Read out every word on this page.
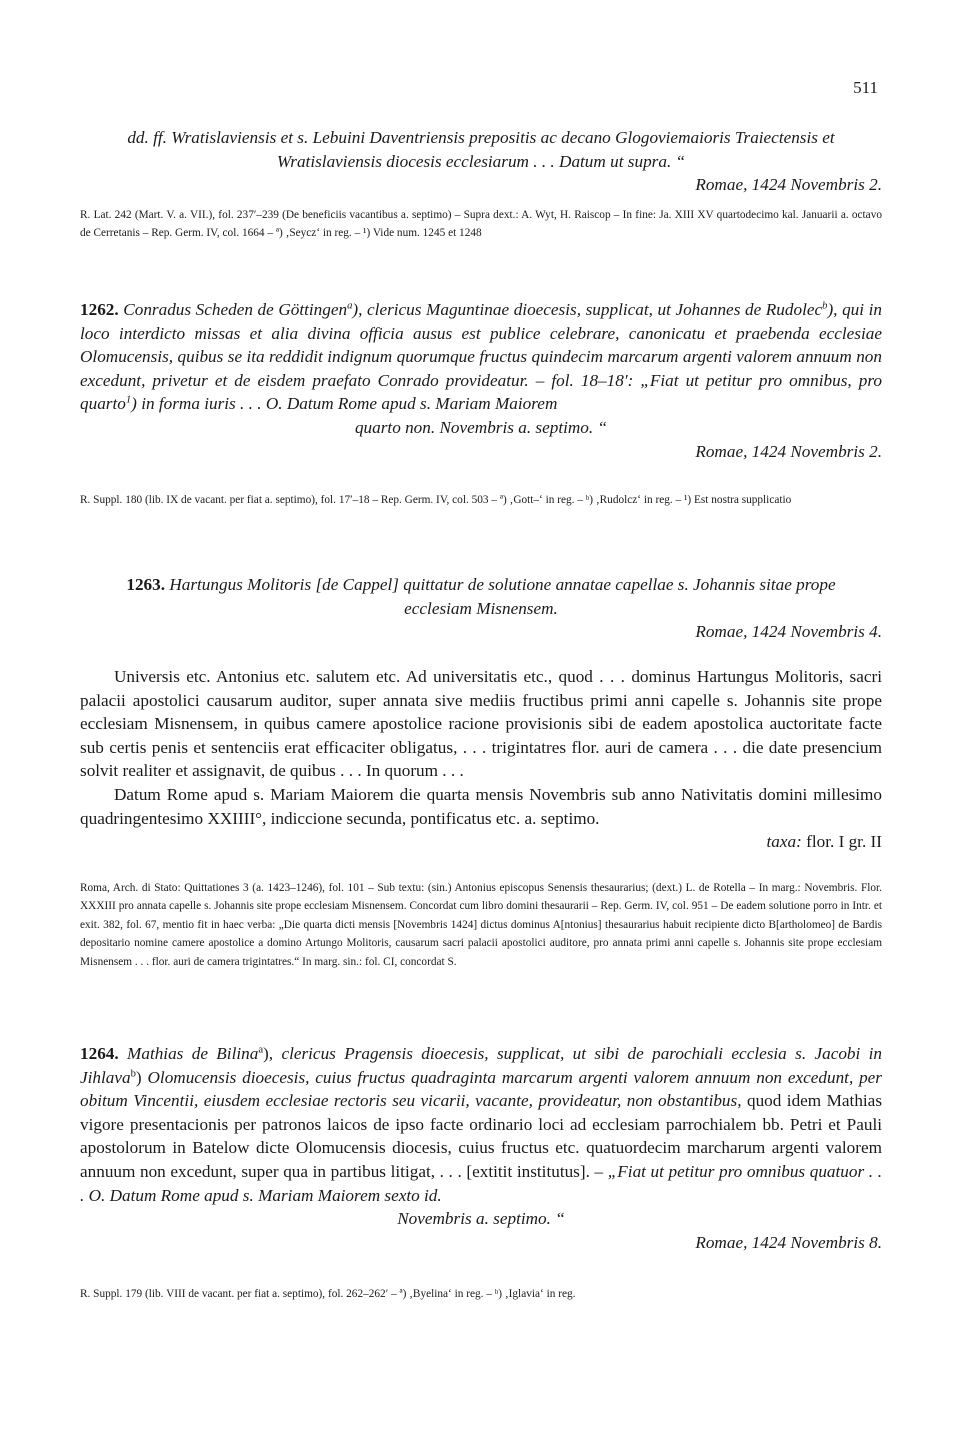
511
dd. ff. Wratislaviensis et s. Lebuini Daventriensis prepositis ac decano Glogoviemaioris Traiectensis et
Wratislaviensis diocesis ecclesiarum . . . Datum ut supra. “
Romae, 1424 Novembris 2.
R. Lat. 242 (Mart. V. a. VII.), fol. 237′–239 (De beneficiis vacantibus a. septimo) – Supra dext.: A. Wyt, H. Raiscop – In fine: Ja. XIII XV quartodecimo kal. Januarii a. octavo de Cerretanis – Rep. Germ. IV, col. 1664 – ª) ‚Seycz‘ in reg. – ¹) Vide num. 1245 et 1248
1262. Conradus Scheden de Göttingen$^a$), clericus Maguntinae dioecesis, supplicat, ut Johannes de Rudolec$^b$), qui in loco interdicto missas et alia divina officia ausus est publice celebrare, canonicatu et praebenda ecclesiae Olomucensis, quibus se ita reddidit indignum quorumque fructus quindecim marcarum argenti valorem annuum non excedunt, privetur et de eisdem praefato Conrado provideatur. – fol. 18–18′: „Fiat ut petitur pro omnibus, pro quarto$^1$) in forma iuris . . . O. Datum Rome apud s. Mariam Maiorem
quarto non. Novembris a. septimo. “
Romae, 1424 Novembris 2.
R. Suppl. 180 (lib. IX de vacant. per fiat a. septimo), fol. 17′–18 – Rep. Germ. IV, col. 503 – ª) ‚Gott–‘ in reg. – ᵇ) ‚Rudolcz‘ in reg. – ¹) Est nostra supplicatio
1263. Hartungus Molitoris [de Cappel] quittatur de solutione annatae capellae s. Johannis sitae prope
ecclesiam Misnensem.
Romae, 1424 Novembris 4.
Universis etc. Antonius etc. salutem etc. Ad universitatis etc., quod . . . dominus Hartungus Molitoris, sacri palacii apostolici causarum auditor, super annata sive mediis fructibus primi anni capelle s. Johannis site prope ecclesiam Misnensem, in quibus camere apostolice racione provisionis sibi de eadem apostolica auctoritate facte sub certis penis et sentenciis erat efficaciter obligatus, . . . trigintatres flor. auri de camera . . . die date presencium solvit realiter et assignavit, de quibus . . . In quorum . . .
Datum Rome apud s. Mariam Maiorem die quarta mensis Novembris sub anno Nativitatis domini millesimo quadringentesimo XXIIII°, indiccione secunda, pontificatus etc. a. septimo.
taxa: flor. I gr. II
Roma, Arch. di Stato: Quittationes 3 (a. 1423–1246), fol. 101 – Sub textu: (sin.) Antonius episcopus Senensis thesaurarius; (dext.) L. de Rotella – In marg.: Novembris. Flor. XXXIII pro annata capelle s. Johannis site prope ecclesiam Misnensem. Concordat cum libro domini thesaurarii – Rep. Germ. IV, col. 951 – De eadem solutione porro in Intr. et exit. 382, fol. 67, mentio fit in haec verba: „Die quarta dicti mensis [Novembris 1424] dictus dominus A[ntonius] thesaurarius habuit recipiente dicto B[artholomeo] de Bardis depositario nomine camere apostolice a domino Artungo Molitoris, causarum sacri palacii apostolici auditore, pro annata primi anni capelle s. Johannis site prope ecclesiam Misnensem . . . flor. auri de camera trigintatres.“ In marg. sin.: fol. CI, concordat S.
1264. Mathias de Bilina$^a$), clericus Pragensis dioecesis, supplicat, ut sibi de parochiali ecclesia s. Jacobi in Jihlava$^b$) Olomucensis dioecesis, cuius fructus quadraginta marcarum argenti valorem annuum non excedunt, per obitum Vincentii, eiusdem ecclesiae rectoris seu vicarii, vacante, provideatur, non obstantibus, quod idem Mathias vigore presentacionis per patronos laicos de ipso facte ordinario loci ad ecclesiam parrochialem bb. Petri et Pauli apostolorum in Batelow dicte Olomucensis diocesis, cuius fructus etc. quatuordecim marcharum argenti valorem annuum non excedunt, super qua in partibus litigat, . . . [extitit institutus]. – „Fiat ut petitur pro omnibus quatuor . . . O. Datum Rome apud s. Mariam Maiorem sexto id.
Novembris a. septimo. “
Romae, 1424 Novembris 8.
R. Suppl. 179 (lib. VIII de vacant. per fiat a. septimo), fol. 262–262′ – ª) ‚Byelina‘ in reg. – ᵇ) ‚Iglavia‘ in reg.
